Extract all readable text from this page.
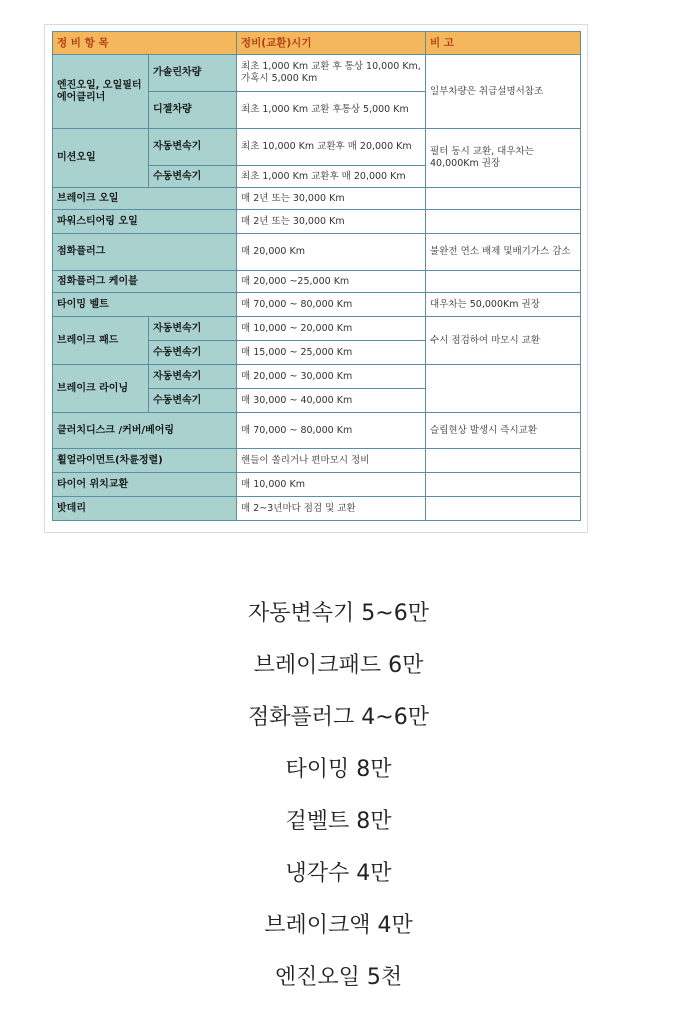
정 비 항 목		정비(교환)시기	비 고
엔진오일, 오일필터 에어클리너	가솔린차량	최초 1,000 Km 교환 후 통상 10,000 Km, 가혹시 5,000 Km	일부차량은 취급설명서참조
	디젤차량	최초 1,000 Km 교환 후통상 5,000 Km	
미션오일	자동변속기	최초 10,000 Km 교환후 매 20,000 Km	필터 동시 교환, 대우차는 40,000Km 권장
	수동변속기	최초 1,000 Km 교환후 매 20,000 Km	
브레이크 오일		매 2년 또는 30,000 Km	
파워스티어링 오일		매 2년 또는 30,000 Km	
점화플러그		매 20,000 Km	불완전 연소 배제 및배기가스 감소
점화플러그 케이블		매 20,000 ~25,000 Km	
타이밍 벨트		매 70,000 ~ 80,000 Km	대우차는 50,000Km 권장
브레이크 패드	자동변속기	매 10,000 ~ 20,000 Km	수시 점검하여 마모시 교환
	수동변속기	매 15,000 ~ 25,000 Km	
브레이크 라이닝	자동변속기	매 20,000 ~ 30,000 Km	
	수동변속기	매 30,000 ~ 40,000 Km	
클러치디스크 /커버/베어링		매 70,000 ~ 80,000 Km	슬립현상 발생시 즉시교환
휠얼라이먼트(차륜정렬)		핸들이 쏠리거나 편마모시 정비	
타이어 위치교환		매 10,000 Km	
밧데리		매 2~3년마다 점검 및 교환	
자동변속기 5~6만
브레이크패드 6만
점화플러그 4~6만
타이밍 8만
겉벨트 8만
냉각수 4만
브레이크액 4만
엔진오일 5천
